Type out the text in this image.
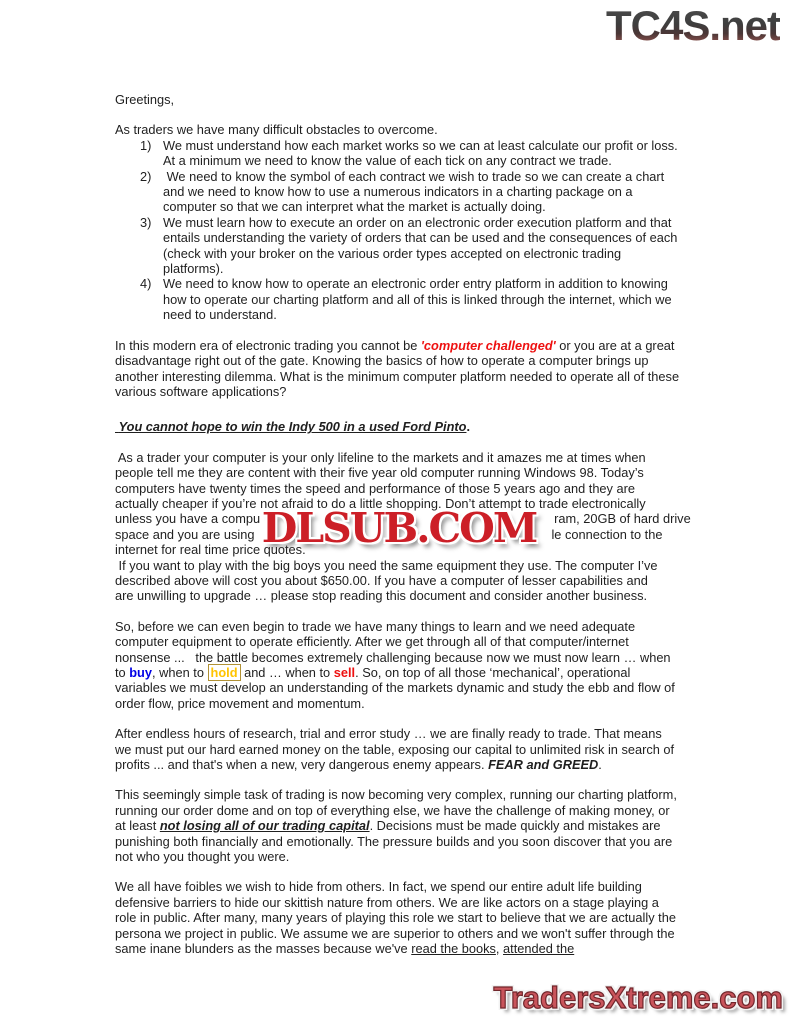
TC4S.net
Greetings,
As traders we have many difficult obstacles to overcome.
1) We must understand how each market works so we can at least calculate our profit or loss. At a minimum we need to know the value of each tick on any contract we trade.
2) We need to know the symbol of each contract we wish to trade so we can create a chart and we need to know how to use a numerous indicators in a charting package on a computer so that we can interpret what the market is actually doing.
3) We must learn how to execute an order on an electronic order execution platform and that entails understanding the variety of orders that can be used and the consequences of each (check with your broker on the various order types accepted on electronic trading platforms).
4) We need to know how to operate an electronic order entry platform in addition to knowing how to operate our charting platform and all of this is linked through the internet, which we need to understand.
In this modern era of electronic trading you cannot be 'computer challenged' or you are at a great disadvantage right out of the gate. Knowing the basics of how to operate a computer brings up another interesting dilemma. What is the minimum computer platform needed to operate all of these various software applications?
You cannot hope to win the Indy 500 in a used Ford Pinto.
As a trader your computer is your only lifeline to the markets and it amazes me at times when
people tell me they are content with their five year old computer running Windows 98. Today’s
computers have twenty times the speed and performance of those 5 years ago and they are
actually cheaper if you’re not afraid to do a little shopping. Don’t attempt to trade electronically
unless you have a compu	ram, 20GB of hard drive
space and you are using	le connection to the
internet for real time price quotes.
If you want to play with the big boys you need the same equipment they use. The computer I’ve
described above will cost you about $650.00. If you have a computer of lesser capabilities and
are unwilling to upgrade … please stop reading this document and consider another business.
DLSUB.COM
So, before we can even begin to trade we have many things to learn and we need adequate computer equipment to operate efficiently. After we get through all of that computer/internet nonsense ...   the battle becomes extremely challenging because now we must now learn … when to buy, when to hold and … when to sell. So, on top of all those ‘mechanical’, operational variables we must develop an understanding of the markets dynamic and study the ebb and flow of order flow, price movement and momentum.
After endless hours of research, trial and error study … we are finally ready to trade. That means we must put our hard earned money on the table, exposing our capital to unlimited risk in search of  profits ... and that's when a new, very dangerous enemy appears. FEAR and GREED.
This seemingly simple task of trading is now becoming very complex, running our charting platform, running our order dome and on top of everything else, we have the challenge of making money, or at least not losing all of our trading capital. Decisions must be made quickly and mistakes are punishing both financially and emotionally. The pressure builds and you soon discover that you are not who you thought you were.
We all have foibles we wish to hide from others. In fact, we spend our entire adult life building defensive barriers to hide our skittish nature from others. We are like actors on a stage playing a role in public. After many, many years of playing this role we start to believe that we are actually the persona we project in public. We assume we are superior to others and we won't suffer through the same inane blunders as the masses because we've read the books, attended the
TradersXtreme.com
